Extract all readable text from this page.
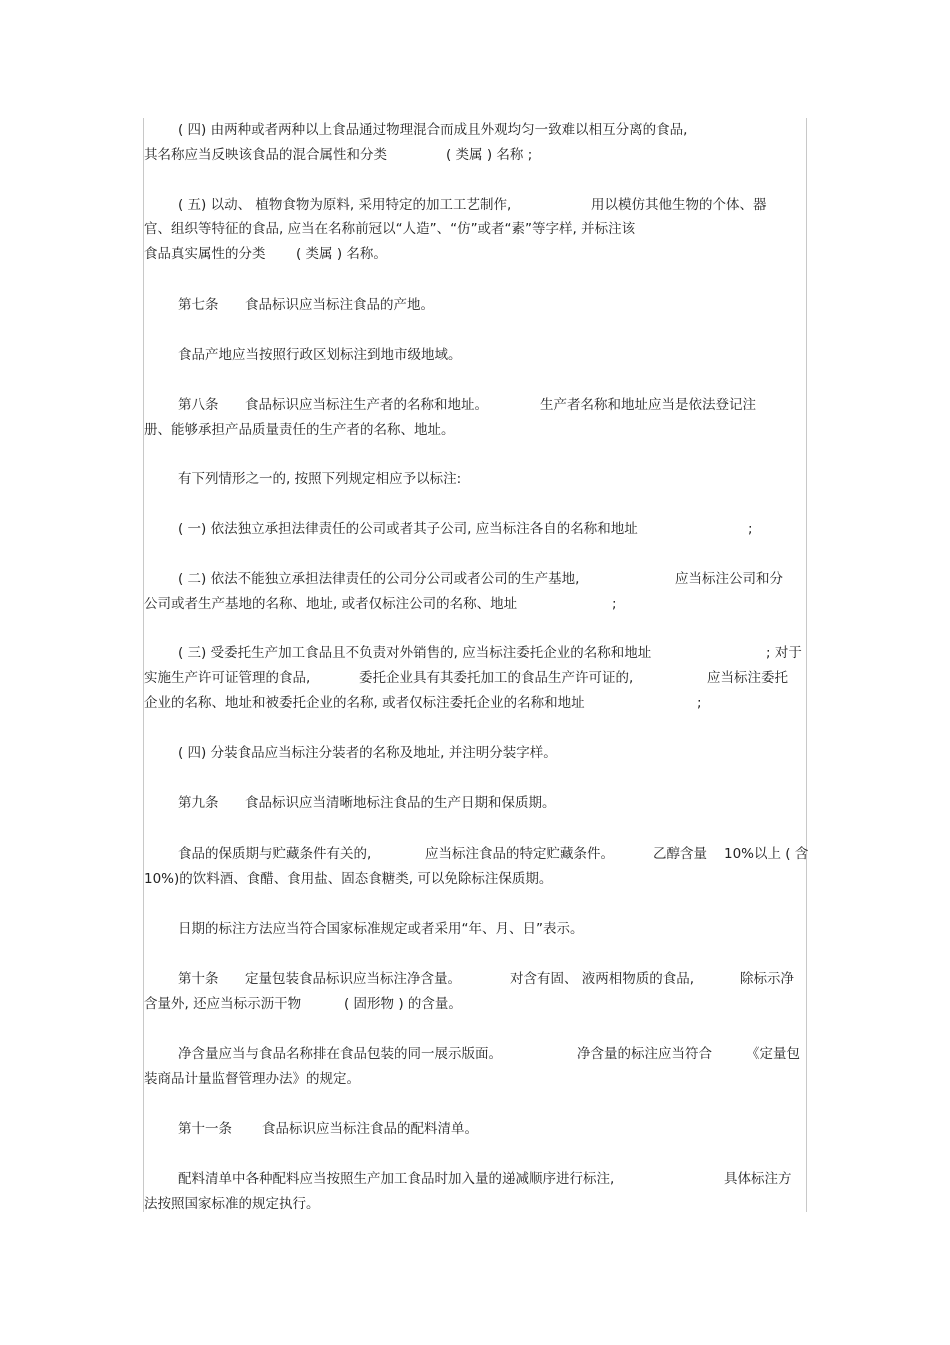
( 四) 由两种或者两种以上食品通过物理混合而成且外观均匀一致难以相互分离的食品,
其名称应当反映该食品的混合属性和分类	( 类属 ) 名称 ;
( 五) 以动、 植物食物为原料, 采用特定的加工工艺制作,	用以模仿其他生物的个体、器
官、组织等特征的食品, 应当在名称前冠以“人造”、“仿”或者“素”等字样, 并标注该
食品真实属性的分类 ( 类属 ) 名称。
第七条 食品标识应当标注食品的产地。
食品产地应当按照行政区划标注到地市级地域。
第八条 食品标识应当标注生产者的名称和地址。	生产者名称和地址应当是依法登记注
册、能够承担产品质量责任的生产者的名称、地址。
有下列情形之一的, 按照下列规定相应予以标注:
( 一) 依法独立承担法律责任的公司或者其子公司, 应当标注各自的名称和地址	;
( 二) 依法不能独立承担法律责任的公司分公司或者公司的生产基地,	应当标注公司和分
公司或者生产基地的名称、地址, 或者仅标注公司的名称、地址	;
( 三) 受委托生产加工食品且不负责对外销售的, 应当标注委托企业的名称和地址	; 对于
实施生产许可证管理的食品,	委托企业具有其委托加工的食品生产许可证的,	应当标注委托
企业的名称、地址和被委托企业的名称, 或者仅标注委托企业的名称和地址	;
( 四) 分装食品应当标注分装者的名称及地址, 并注明分装字样。
第九条 食品标识应当清晰地标注食品的生产日期和保质期。
食品的保质期与贮藏条件有关的,	应当标注食品的特定贮藏条件。	乙醇含量 10%以上 ( 含
10%)的饮料酒、食醋、食用盐、固态食糖类, 可以免除标注保质期。
日期的标注方法应当符合国家标准规定或者采用“年、月、日”表示。
第十条 定量包装食品标识应当标注净含量。	对含有固、 液两相物质的食品,	除标示净
含量外, 还应当标示沥干物	( 固形物 ) 的含量。
净含量应当与食品名称排在食品包装的同一展示版面。	净含量的标注应当符合	《定量包
装商品计量监督管理办法》的规定。
第十一条 食品标识应当标注食品的配料清单。
配料清单中各种配料应当按照生产加工食品时加入量的递减顺序进行标注,	具体标注方
法按照国家标准的规定执行。
